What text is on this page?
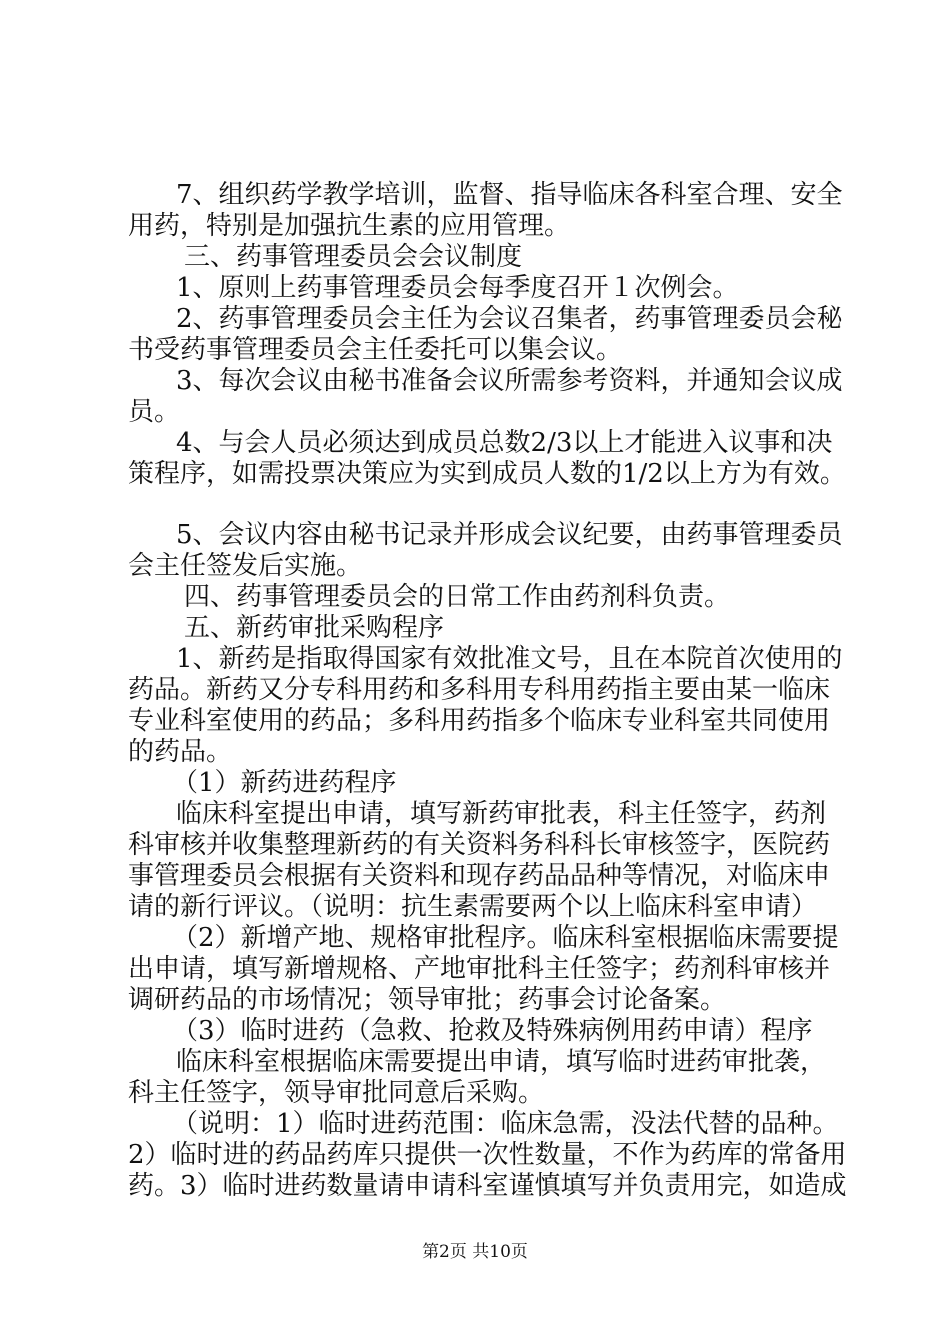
7、组织药学教学培训，监督、指导临床各科室合理、安全
用药，特别是加强抗生素的应用管理。
三、药事管理委员会会议制度
1、原则上药事管理委员会每季度召开１次例会。
2、药事管理委员会主任为会议召集者，药事管理委员会秘
书受药事管理委员会主任委托可以集会议。
3、每次会议由秘书准备会议所需参考资料，并通知会议成
员。
4、与会人员必须达到成员总数2/3以上才能进入议事和决
策程序，如需投票决策应为实到成员人数的1/2以上方为有效。
5、会议内容由秘书记录并形成会议纪要，由药事管理委员
会主任签发后实施。
四、药事管理委员会的日常工作由药剂科负责。
五、新药审批采购程序
1、新药是指取得国家有效批准文号，且在本院首次使用的
药品。新药又分专科用药和多科用专科用药指主要由某一临床
专业科室使用的药品；多科用药指多个临床专业科室共同使用
的药品。
（1）新药进药程序
临床科室提出申请，填写新药审批表，科主任签字，药剂
科审核并收集整理新药的有关资料务科科长审核签字，医院药
事管理委员会根据有关资料和现存药品品种等情况，对临床申
请的新行评议。（说明：抗生素需要两个以上临床科室申请）
（2）新增产地、规格审批程序。临床科室根据临床需要提
出申请，填写新增规格、产地审批科主任签字；药剂科审核并
调研药品的市场情况；领导审批；药事会讨论备案。
（3）临时进药（急救、抢救及特殊病例用药申请）程序
临床科室根据临床需要提出申请，填写临时进药审批袭，
科主任签字，领导审批同意后采购。
（说明：1）临时进药范围：临床急需，没法代替的品种。
2）临时进的药品药库只提供一次性数量，不作为药库的常备用
药。3）临时进药数量请申请科室谨慎填写并负责用完，如造成
第2页 共10页
